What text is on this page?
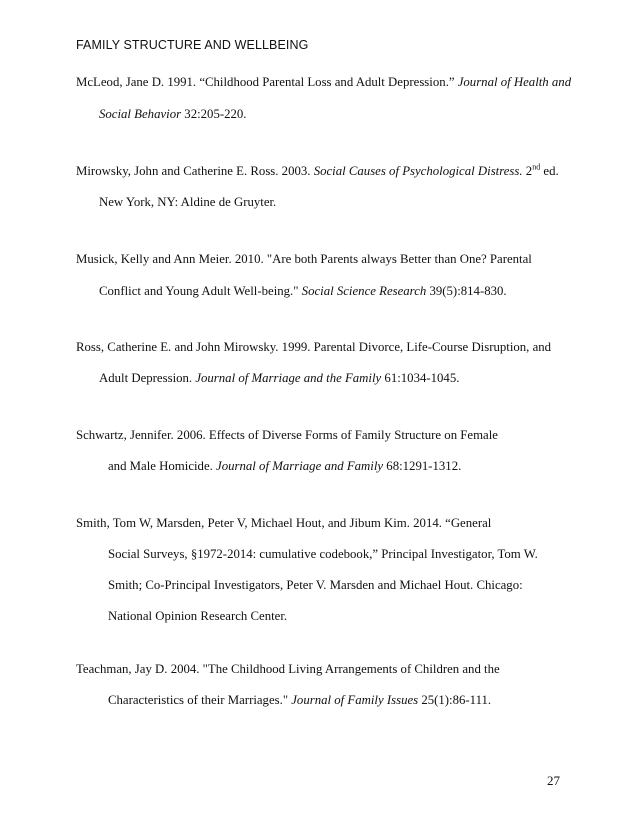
FAMILY STRUCTURE AND WELLBEING
McLeod, Jane D. 1991. “Childhood Parental Loss and Adult Depression.” Journal of Health and
Social Behavior 32:205-220.
Mirowsky, John and Catherine E. Ross. 2003. Social Causes of Psychological Distress. 2nd ed.
New York, NY: Aldine de Gruyter.
Musick, Kelly and Ann Meier. 2010. "Are both Parents always Better than One? Parental
Conflict and Young Adult Well-being." Social Science Research 39(5):814-830.
Ross, Catherine E. and John Mirowsky. 1999. Parental Divorce, Life-Course Disruption, and
Adult Depression. Journal of Marriage and the Family 61:1034-1045.
Schwartz, Jennifer. 2006. Effects of Diverse Forms of Family Structure on Female
and Male Homicide. Journal of Marriage and Family 68:1291-1312.
Smith, Tom W, Marsden, Peter V, Michael Hout, and Jibum Kim. 2014. “General
Social Surveys, §1972-2014: cumulative codebook,” Principal Investigator, Tom W.
Smith; Co-Principal Investigators, Peter V. Marsden and Michael Hout. Chicago:
National Opinion Research Center.
Teachman, Jay D. 2004. "The Childhood Living Arrangements of Children and the
Characteristics of their Marriages." Journal of Family Issues 25(1):86-111.
27
